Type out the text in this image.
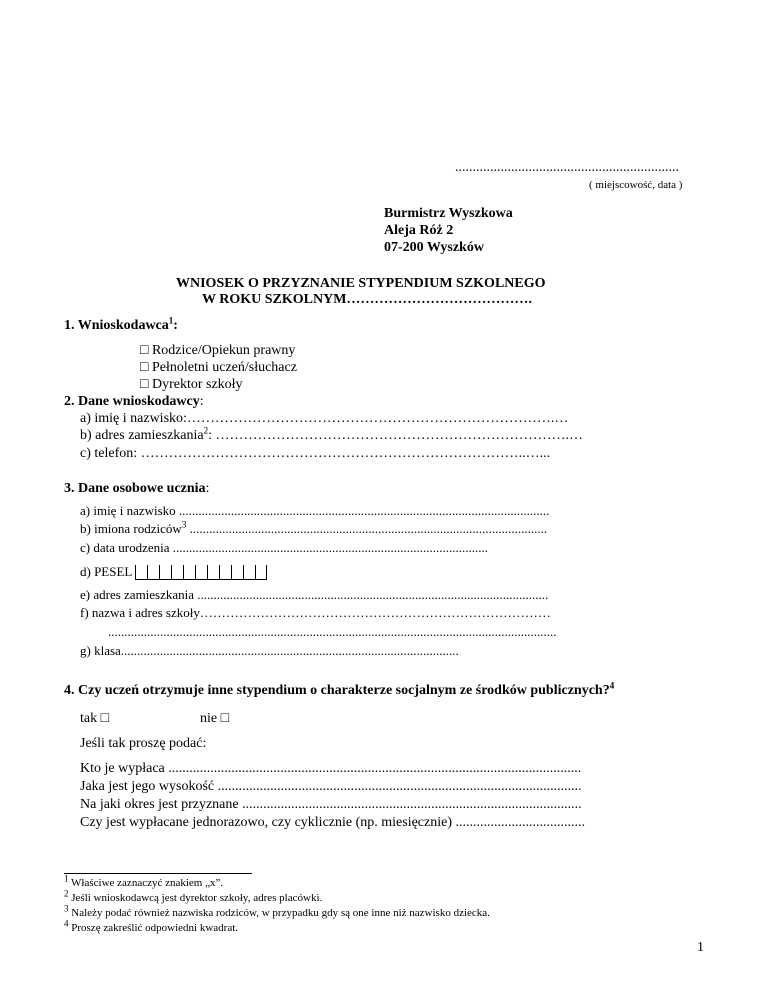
................................................................
( miejscowość, data )
Burmistrz Wyszkowa
Aleja Róż 2
07-200 Wyszków
WNIOSEK O PRZYZNANIE STYPENDIUM SZKOLNEGO
W ROKU SZKOLNYM………………………………….
1. Wnioskodawca$^1$:
□ Rodzice/Opiekun prawny
□ Pełnoletni uczeń/słuchacz
□ Dyrektor szkoły
2. Dane wnioskodawcy:
a) imię i nazwisko:…………………………………………………………………….…
b) adres zamieszkania$^2$: ………………………………………………………………….…
c) telefon: ………………………………………………………………………..…...
3. Dane osobowe ucznia:
a) imię i nazwisko ..................................................................................................................
b) imiona rodziców$^3$ ..............................................................................................................
c) data urodzenia .................................................................................................
d) PESEL
e) adres zamieszkania ............................................................................................................
f) nazwa i adres szkoły………………………………………………………………………
..........................................................................................................................................
g) klasa........................................................................................................
4. Czy uczeń otrzymuje inne stypendium o charakterze socjalnym ze środków publicznych?$^4$
tak □	nie □
Jeśli tak proszę podać:
Kto je wypłaca ......................................................................................................................
Jaka jest jego wysokość ........................................................................................................
Na jaki okres jest przyznane .................................................................................................
Czy jest wypłacane jednorazowo, czy cyklicznie (np. miesięcznie) .....................................
$^1$ Właściwe zaznaczyć znakiem „x”.
$^2$ Jeśli wnioskodawcą jest dyrektor szkoły, adres placówki.
$^3$ Należy podać również nazwiska rodziców, w przypadku gdy są one inne niż nazwisko dziecka.
$^4$ Proszę zakreślić odpowiedni kwadrat.
1
